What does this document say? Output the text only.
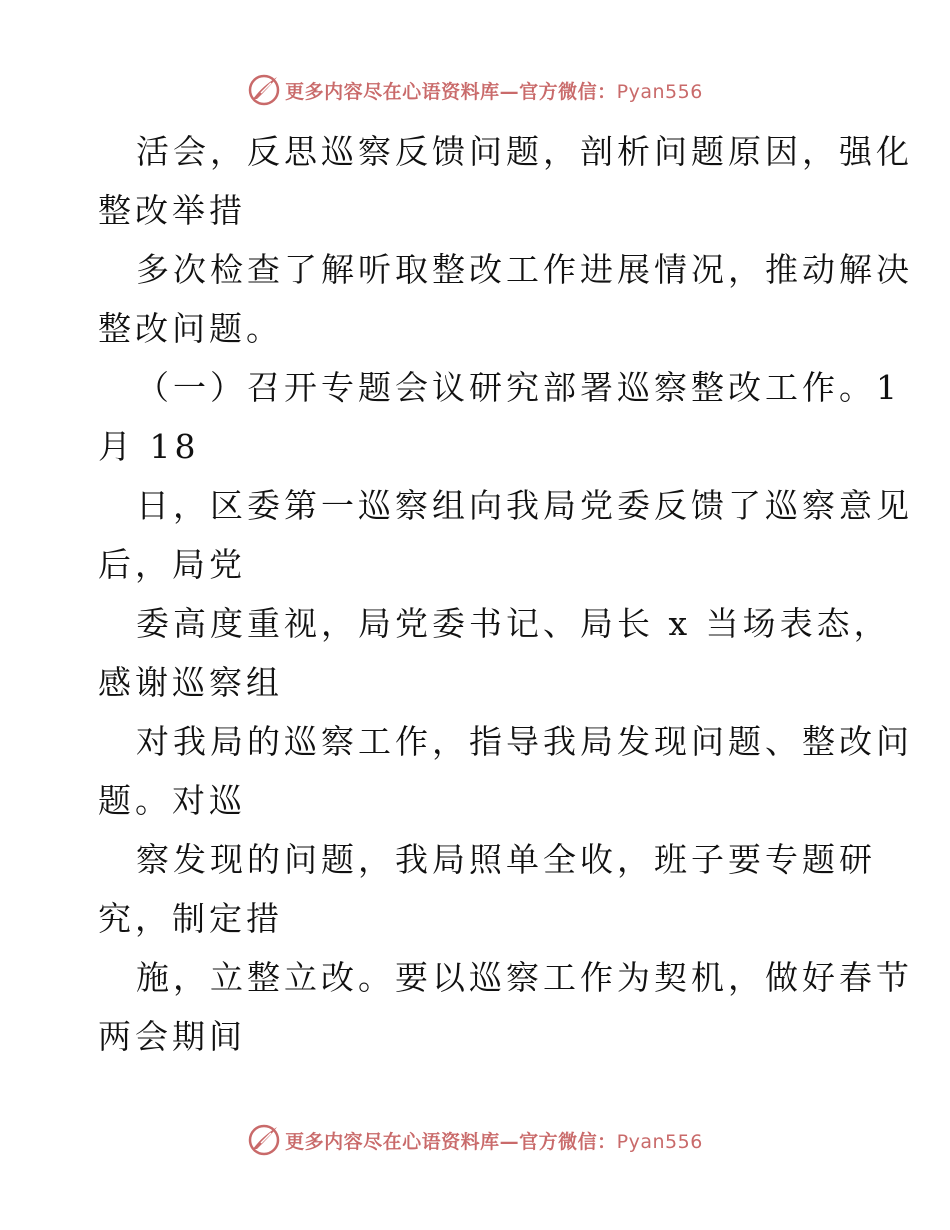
更多内容尽在心语资料库—官方微信：Pyan556
活会，反思巡察反馈问题，剖析问题原因，强化
整改举措
多次检查了解听取整改工作进展情况，推动解决
整改问题。
（一）召开专题会议研究部署巡察整改工作。1
月 18
日，区委第一巡察组向我局党委反馈了巡察意见
后，局党
委高度重视，局党委书记、局长 x 当场表态，
感谢巡察组
对我局的巡察工作，指导我局发现问题、整改问
题。对巡
察发现的问题，我局照单全收，班子要专题研
究，制定措
施，立整立改。要以巡察工作为契机，做好春节
两会期间
更多内容尽在心语资料库—官方微信：Pyan556
